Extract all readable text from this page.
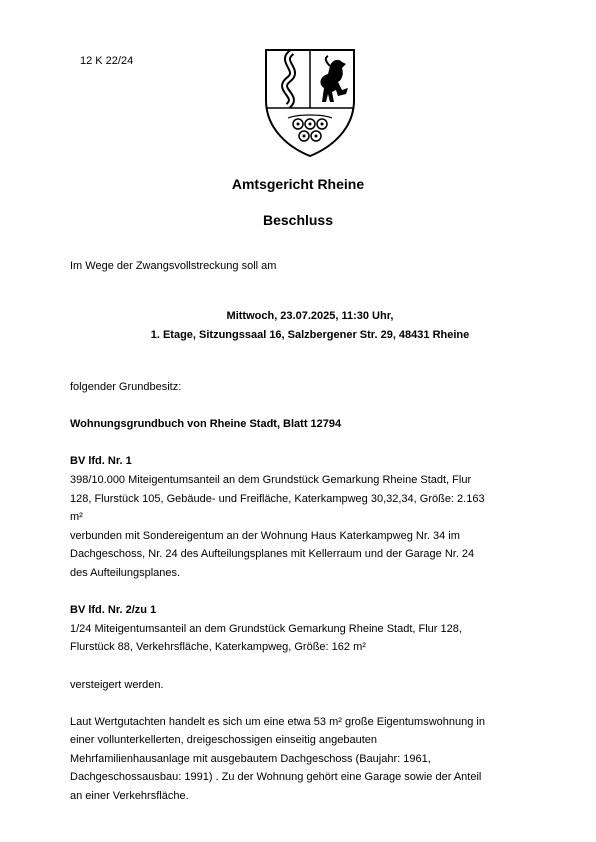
12 K 22/24
Amtsgericht Rheine
Beschluss
Im Wege der Zwangsvollstreckung soll am
Mittwoch, 23.07.2025, 11:30 Uhr,
1. Etage, Sitzungssaal 16, Salzbergener Str. 29, 48431 Rheine

folgender Grundbesitz:

Wohnungsgrundbuch von Rheine Stadt, Blatt 12794

BV lfd. Nr. 1

398/10.000 Miteigentumsanteil an dem Grundstück Gemarkung Rheine Stadt, Flur

128, Flurstück 105, Gebäude- und Freifläche, Katerkampweg 30,32,34, Größe: 2.163

m²

verbunden mit Sondereigentum an der Wohnung Haus Katerkampweg Nr. 34 im

Dachgeschoss, Nr. 24 des Aufteilungsplanes mit Kellerraum und der Garage Nr. 24

des Aufteilungsplanes.

BV lfd. Nr. 2/zu 1

1/24 Miteigentumsanteil an dem Grundstück Gemarkung Rheine Stadt, Flur 128,

Flurstück 88, Verkehrsfläche, Katerkampweg, Größe: 162 m²

versteigert werden.

Laut Wertgutachten handelt es sich um eine etwa 53 m² große Eigentumswohnung in

einer vollunterkellerten, dreigeschossigen einseitig angebauten

Mehrfamilienhausanlage mit ausgebautem Dachgeschoss (Baujahr: 1961,

Dachgeschossausbau: 1991) . Zu der Wohnung gehört eine Garage sowie der Anteil

an einer Verkehrsfläche.
